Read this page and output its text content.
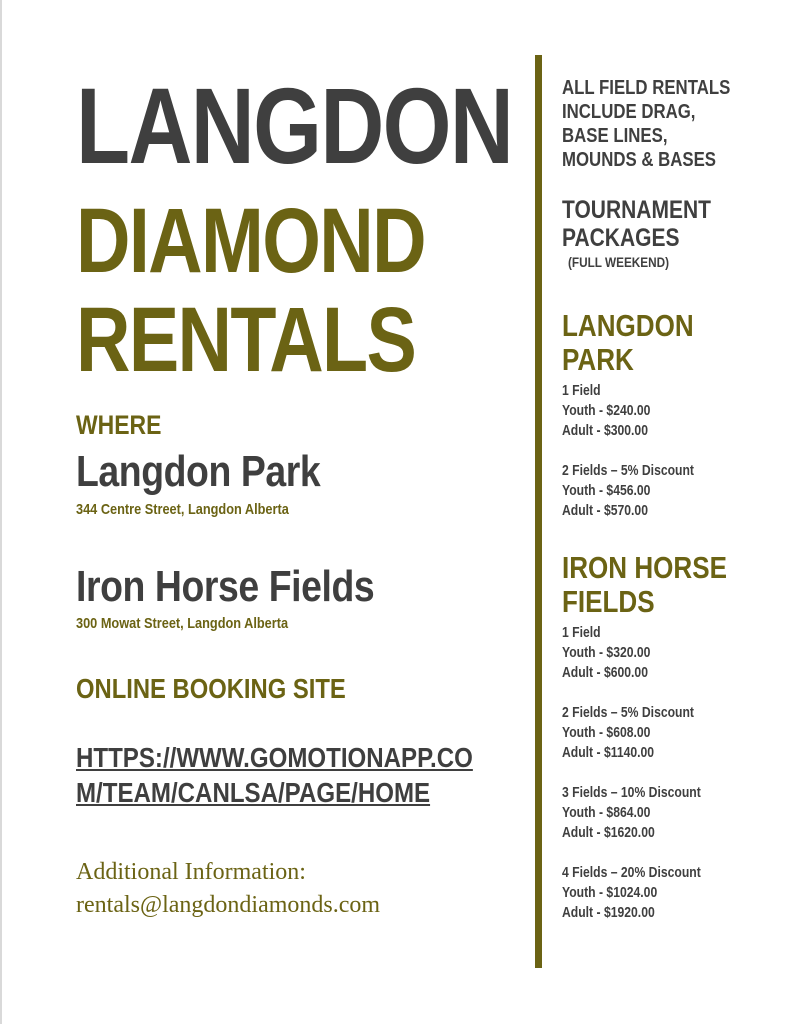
LANGDON
DIAMOND
RENTALS
WHERE
Langdon Park
344 Centre Street, Langdon Alberta
Iron Horse Fields
300 Mowat Street, Langdon Alberta
ONLINE BOOKING SITE
HTTPS://WWW.GOMOTIONAPP.COM/TEAM/CANLSA/PAGE/HOME
Additional Information:
rentals@langdondiamonds.com
ALL FIELD RENTALS
INCLUDE DRAG,
BASE LINES,
MOUNDS & BASES
TOURNAMENT
PACKAGES
(FULL WEEKEND)
LANGDON
PARK
1 Field
Youth - $240.00
Adult - $300.00
2 Fields – 5% Discount
Youth - $456.00
Adult - $570.00
IRON HORSE
FIELDS
1 Field
Youth - $320.00
Adult - $600.00
2 Fields – 5% Discount
Youth - $608.00
Adult - $1140.00
3 Fields – 10% Discount
Youth - $864.00
Adult - $1620.00
4 Fields – 20% Discount
Youth - $1024.00
Adult - $1920.00
